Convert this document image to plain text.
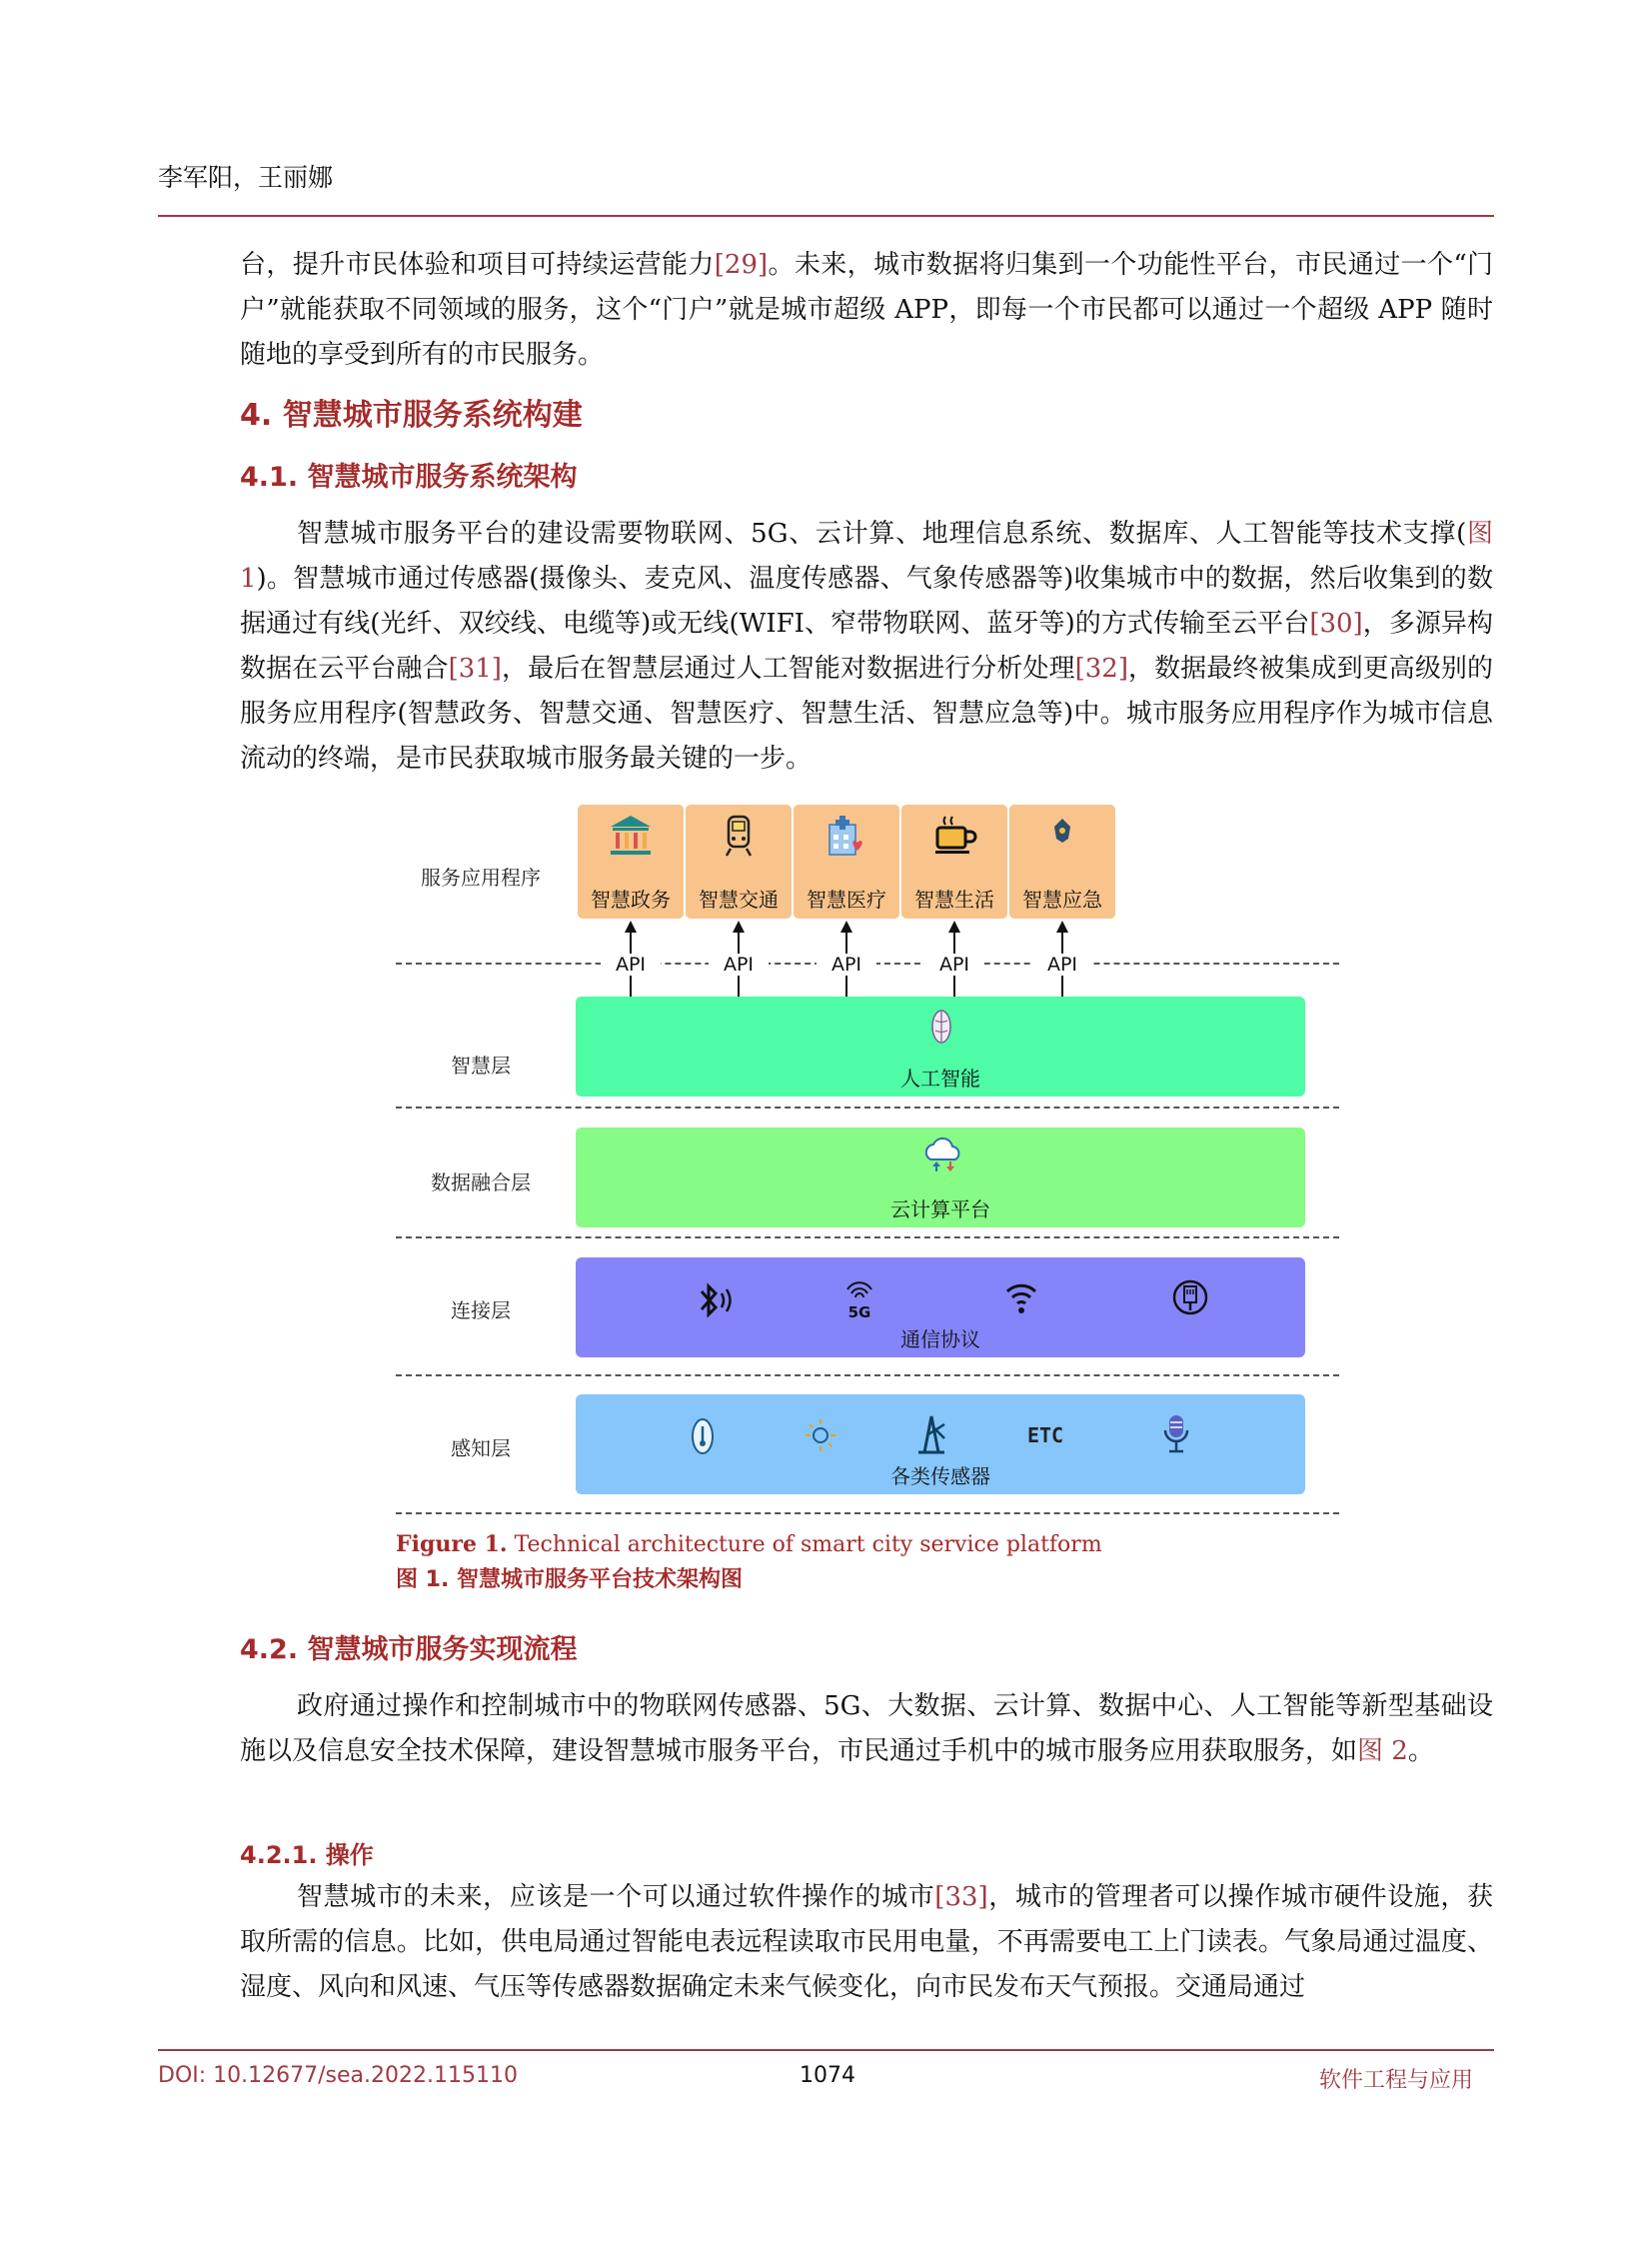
李军阳，王丽娜

台，提升市民体验和项目可持续运营能力[29]。未来，城市数据将归集到一个功能性平台，市民通过一个“门户”就能获取不同领域的服务，这个“门户”就是城市超级 APP，即每一个市民都可以通过一个超级 APP 随时随地的享受到所有的市民服务。

4. 智慧城市服务系统构建
4.1. 智慧城市服务系统架构

智慧城市服务平台的建设需要物联网、5G、云计算、地理信息系统、数据库、人工智能等技术支撑(图 1)。智慧城市通过传感器(摄像头、麦克风、温度传感器、气象传感器等)收集城市中的数据，然后收集到的数据通过有线(光纤、双绞线、电缆等)或无线(WIFI、窄带物联网、蓝牙等)的方式传输至云平台[30]，多源异构数据在云平台融合[31]，最后在智慧层通过人工智能对数据进行分析处理[32]，数据最终被集成到更高级别的服务应用程序(智慧政务、智慧交通、智慧医疗、智慧生活、智慧应急等)中。城市服务应用程序作为城市信息流动的终端，是市民获取城市服务最关键的一步。

服务应用程序
智慧层
数据融合层
连接层
感知层
智慧政务	智慧交通	智慧医疗	智慧生活	智慧应急
API	API	API	API	API
人工智能
云计算平台
5G
通信协议
ETC
各类传感器
Figure 1. Technical architecture of smart city service platform
图 1. 智慧城市服务平台技术架构图
4.2. 智慧城市服务实现流程

政府通过操作和控制城市中的物联网传感器、5G、大数据、云计算、数据中心、人工智能等新型基础设施以及信息安全技术保障，建设智慧城市服务平台，市民通过手机中的城市服务应用获取服务，如图 2。

4.2.1. 操作

智慧城市的未来，应该是一个可以通过软件操作的城市[33]，城市的管理者可以操作城市硬件设施，获取所需的信息。比如，供电局通过智能电表远程读取市民用电量，不再需要电工上门读表。气象局通过温度、湿度、风向和风速、气压等传感器数据确定未来气候变化，向市民发布天气预报。交通局通过

DOI: 10.12677/sea.2022.115110	1074	软件工程与应用
